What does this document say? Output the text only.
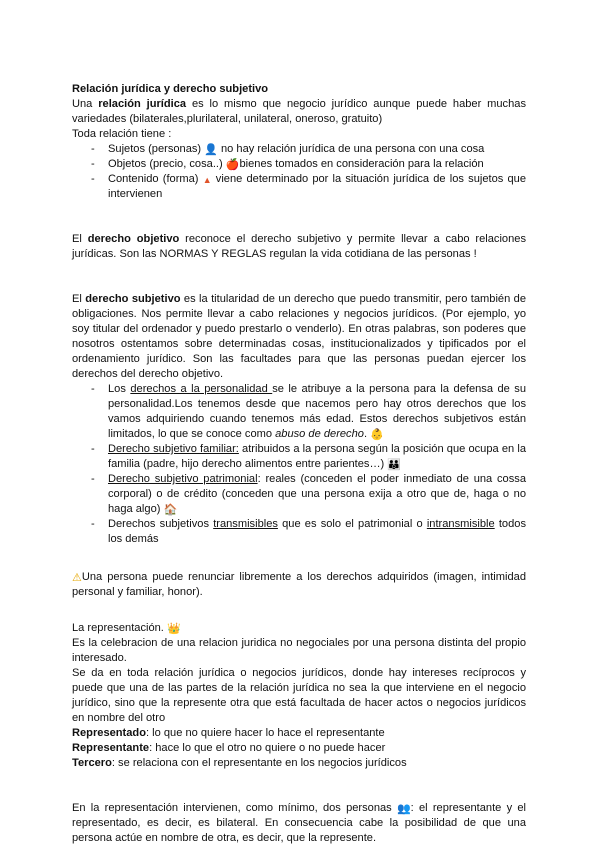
Relación jurídica y derecho subjetivo

Una relación jurídica es lo mismo que negocio jurídico aunque puede haber muchas variedades (bilaterales,plurilateral, unilateral, oneroso, gratuito)

Toda relación tiene :

- Sujetos (personas) 👤 no hay relación jurídica de una persona con una cosa
- Objetos (precio, cosa..) 🍎bienes tomados en consideración para la relación
- Contenido (forma) ▲ viene determinado por la situación jurídica de los sujetos que intervienen

El derecho objetivo reconoce el derecho subjetivo y permite llevar a cabo relaciones jurídicas. Son las NORMAS Y REGLAS regulan la vida cotidiana de las personas !

El derecho subjetivo es la titularidad de un derecho que puedo transmitir, pero también de obligaciones. Nos permite llevar a cabo relaciones y negocios jurídicos. (Por ejemplo, yo soy titular del ordenador y puedo prestarlo o venderlo). En otras palabras, son poderes que nosotros ostentamos sobre determinadas cosas, institucionalizados y tipificados por el ordenamiento jurídico. Son las facultades para que las personas puedan ejercer los derechos del derecho objetivo.

- Los derechos a la personalidad se le atribuye a la persona para la defensa de su personalidad.Los tenemos desde que nacemos pero hay otros derechos que los vamos adquiriendo cuando tenemos más edad. Estos derechos subjetivos están limitados, lo que se conoce como abuso de derecho. 👶
- Derecho subjetivo familiar: atribuidos a la persona según la posición que ocupa en la familia (padre, hijo derecho alimentos entre parientes…) 👪
- Derecho subjetivo patrimonial: reales (conceden el poder inmediato de una cossa corporal) o de crédito (conceden que una persona exija a otro que de, haga o no haga algo) 🏠
- Derechos subjetivos transmisibles que es solo el patrimonial o intransmisible todos los demás

⚠Una persona puede renunciar libremente a los derechos adquiridos (imagen, intimidad personal y familiar, honor).

La representación. 👑

Es la celebracion de una relacion juridica no negociales por una persona distinta del propio interesado.

Se da en toda relación jurídica o negocios jurídicos, donde hay intereses recíprocos y puede que una de las partes de la relación jurídica no sea la que interviene en el negocio jurídico, sino que la represente otra que está facultada de hacer actos o negocios jurídicos en nombre del otro

Representado: lo que no quiere hacer lo hace el representante

Representante: hace lo que el otro no quiere o no puede hacer

Tercero: se relaciona con el representante en los negocios jurídicos

En la representación intervienen, como mínimo, dos personas 👥: el representante y el representado, es decir, es bilateral. En consecuencia cabe la posibilidad de que una persona actúe en nombre de otra, es decir, que la represente.
